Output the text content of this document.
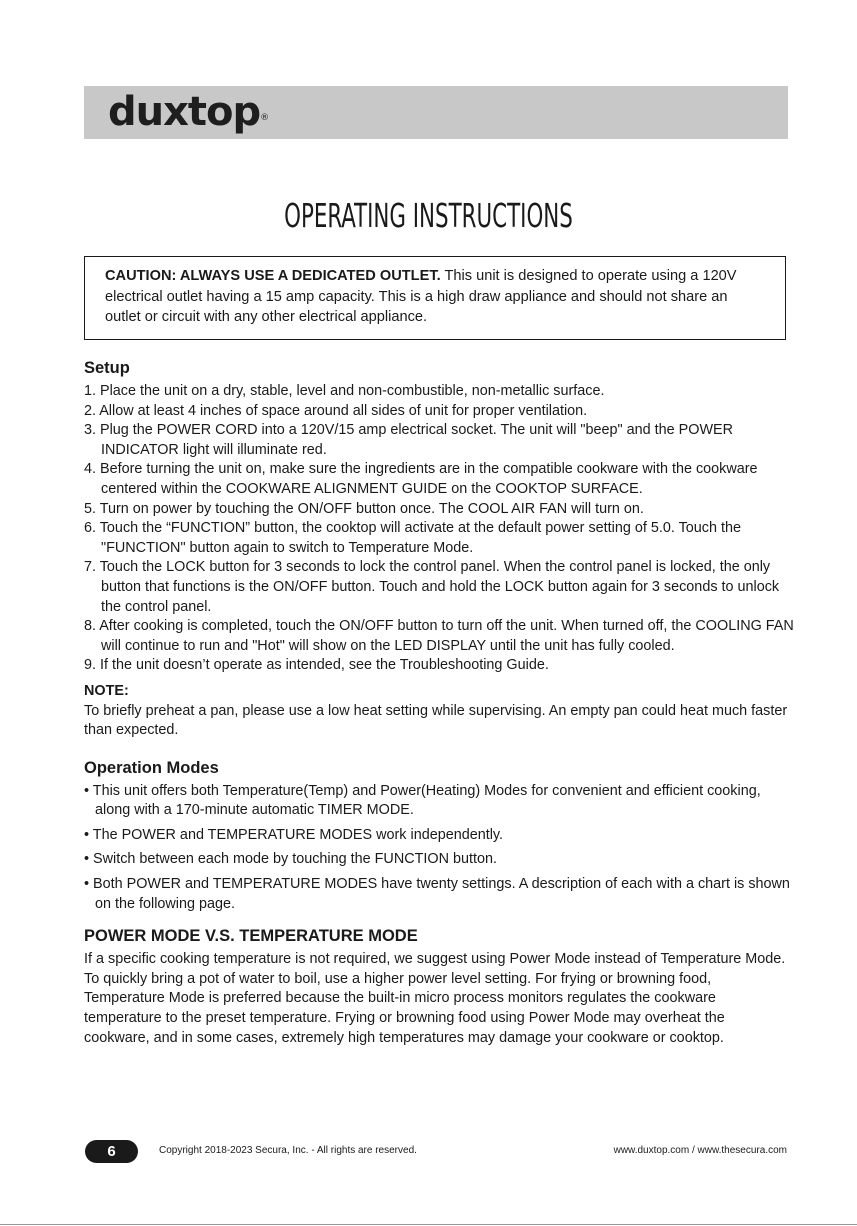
duxtop®
OPERATING INSTRUCTIONS
CAUTION: ALWAYS USE A DEDICATED OUTLET. This unit is designed to operate using a 120V electrical outlet having a 15 amp capacity. This is a high draw appliance and should not share an outlet or circuit with any other electrical appliance.
Setup
1. Place the unit on a dry, stable, level and non-combustible, non-metallic surface.
2. Allow at least 4 inches of space around all sides of unit for proper ventilation.
3. Plug the POWER CORD into a 120V/15 amp electrical socket. The unit will "beep" and the POWER INDICATOR light will illuminate red.
4. Before turning the unit on, make sure the ingredients are in the compatible cookware with the cookware centered within the COOKWARE ALIGNMENT GUIDE on the COOKTOP SURFACE.
5. Turn on power by touching the ON/OFF button once. The COOL AIR FAN will turn on.
6. Touch the “FUNCTION” button, the cooktop will activate at the default power setting of 5.0. Touch the "FUNCTION" button again to switch to Temperature Mode.
7. Touch the LOCK button for 3 seconds to lock the control panel. When the control panel is locked, the only button that functions is the ON/OFF button. Touch and hold the LOCK button again for 3 seconds to unlock the control panel.
8. After cooking is completed, touch the ON/OFF button to turn off the unit. When turned off, the COOLING FAN will continue to run and "Hot" will show on the LED DISPLAY until the unit has fully cooled.
9. If the unit doesn’t operate as intended, see the Troubleshooting Guide.
NOTE:
To briefly preheat a pan, please use a low heat setting while supervising. An empty pan could heat much faster than expected.
Operation Modes
• This unit offers both Temperature(Temp) and Power(Heating) Modes for convenient and efficient cooking, along with a 170-minute automatic TIMER MODE.
• The POWER and TEMPERATURE MODES work independently.
• Switch between each mode by touching the FUNCTION button.
• Both POWER and TEMPERATURE MODES have twenty settings. A description of each with a chart is shown on the following page.
POWER MODE V.S. TEMPERATURE MODE
If a specific cooking temperature is not required, we suggest using Power Mode instead of Temperature Mode. To quickly bring a pot of water to boil, use a higher power level setting. For frying or browning food, Temperature Mode is preferred because the built-in micro process monitors regulates the cookware temperature to the preset temperature. Frying or browning food using Power Mode may overheat the cookware, and in some cases, extremely high temperatures may damage your cookware or cooktop.
6	Copyright 2018-2023 Secura, Inc. - All rights are reserved.	www.duxtop.com / www.thesecura.com
